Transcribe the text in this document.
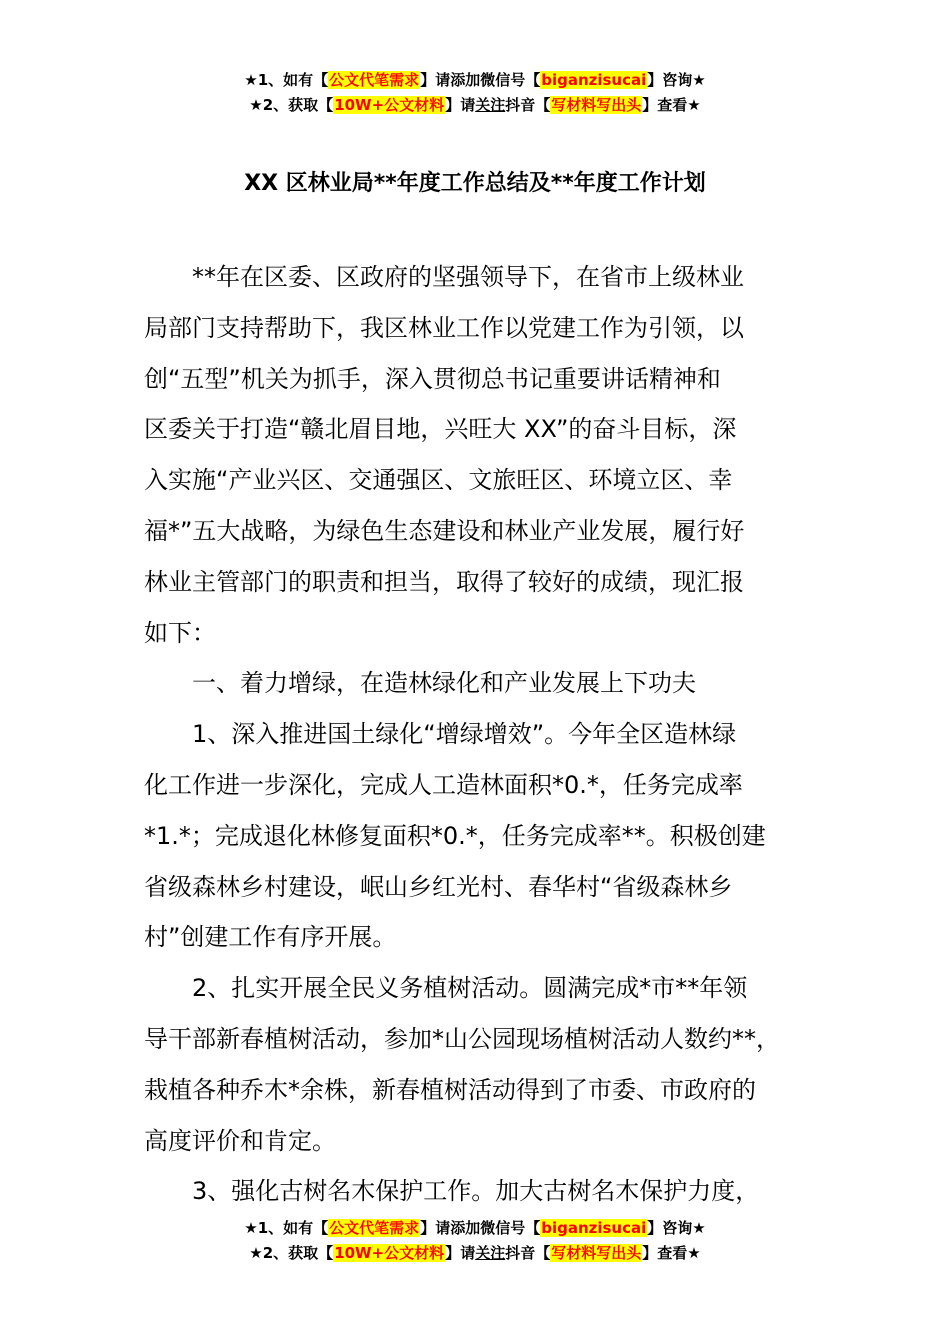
★1、如有【公文代笔需求】请添加微信号【biganzisucai】咨询★
★2、获取【10W+公文材料】请关注抖音【写材料写出头】查看★
XX 区林业局**年度工作总结及**年度工作计划
　　**年在区委、区政府的坚强领导下，在省市上级林业
局部门支持帮助下，我区林业工作以党建工作为引领，以
创“五型”机关为抓手，深入贯彻总书记重要讲话精神和
区委关于打造“赣北眉目地，兴旺大 XX”的奋斗目标，深
入实施“产业兴区、交通强区、文旅旺区、环境立区、幸
福*”五大战略，为绿色生态建设和林业产业发展，履行好
林业主管部门的职责和担当，取得了较好的成绩，现汇报
如下：
　　一、着力增绿，在造林绿化和产业发展上下功夫
　　1、深入推进国土绿化“增绿增效”。今年全区造林绿
化工作进一步深化，完成人工造林面积*0.*，任务完成率
*1.*；完成退化林修复面积*0.*，任务完成率**。积极创建
省级森林乡村建设，岷山乡红光村、春华村“省级森林乡
村”创建工作有序开展。
　　2、扎实开展全民义务植树活动。圆满完成*市**年领
导干部新春植树活动，参加*山公园现场植树活动人数约**，
栽植各种乔木*余株，新春植树活动得到了市委、市政府的
高度评价和肯定。
　　3、强化古树名木保护工作。加大古树名木保护力度，
★1、如有【公文代笔需求】请添加微信号【biganzisucai】咨询★
★2、获取【10W+公文材料】请关注抖音【写材料写出头】查看★
